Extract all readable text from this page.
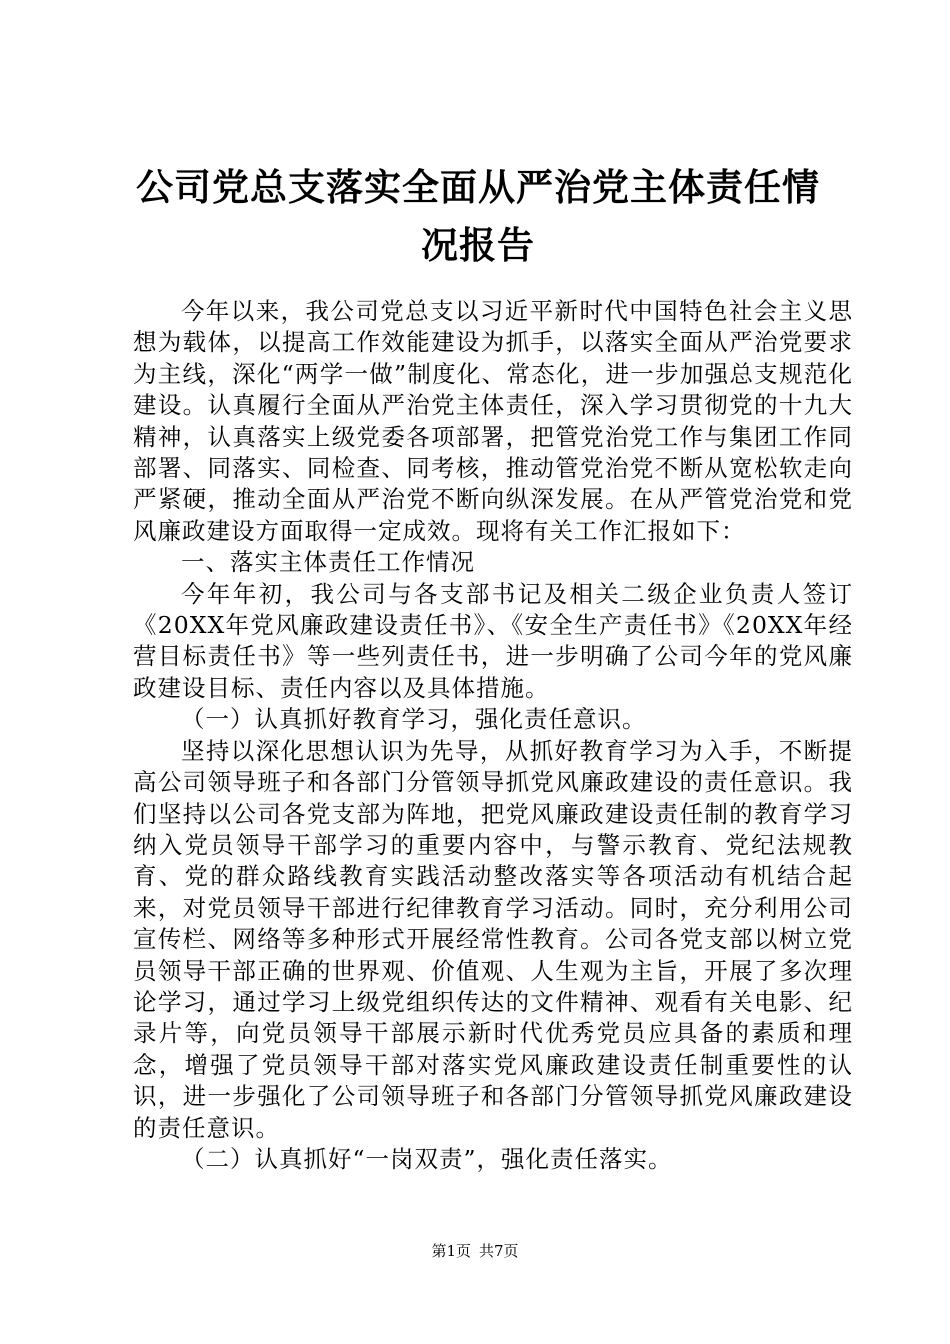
公司党总支落实全面从严治党主体责任情况报告

今年以来，我公司党总支以习近平新时代中国特色社会主义思想为载体，以提高工作效能建设为抓手，以落实全面从严治党要求为主线，深化“两学一做”制度化、常态化，进一步加强总支规范化建设。认真履行全面从严治党主体责任，深入学习贯彻党的十九大精神，认真落实上级党委各项部署，把管党治党工作与集团工作同部署、同落实、同检查、同考核，推动管党治党不断从宽松软走向严紧硬，推动全面从严治党不断向纵深发展。在从严管党治党和党风廉政建设方面取得一定成效。现将有关工作汇报如下：

一、落实主体责任工作情况

今年年初，我公司与各支部书记及相关二级企业负责人签订《20XX年党风廉政建设责任书》、《安全生产责任书》《20XX年经营目标责任书》等一些列责任书，进一步明确了公司今年的党风廉政建设目标、责任内容以及具体措施。

（一）认真抓好教育学习，强化责任意识。

坚持以深化思想认识为先导，从抓好教育学习为入手，不断提高公司领导班子和各部门分管领导抓党风廉政建设的责任意识。我们坚持以公司各党支部为阵地，把党风廉政建设责任制的教育学习纳入党员领导干部学习的重要内容中，与警示教育、党纪法规教育、党的群众路线教育实践活动整改落实等各项活动有机结合起来，对党员领导干部进行纪律教育学习活动。同时，充分利用公司宣传栏、网络等多种形式开展经常性教育。公司各党支部以树立党员领导干部正确的世界观、价值观、人生观为主旨，开展了多次理论学习，通过学习上级党组织传达的文件精神、观看有关电影、纪录片等，向党员领导干部展示新时代优秀党员应具备的素质和理念，增强了党员领导干部对落实党风廉政建设责任制重要性的认识，进一步强化了公司领导班子和各部门分管领导抓党风廉政建设的责任意识。

（二）认真抓好“一岗双责”，强化责任落实。

第1页 共7页
